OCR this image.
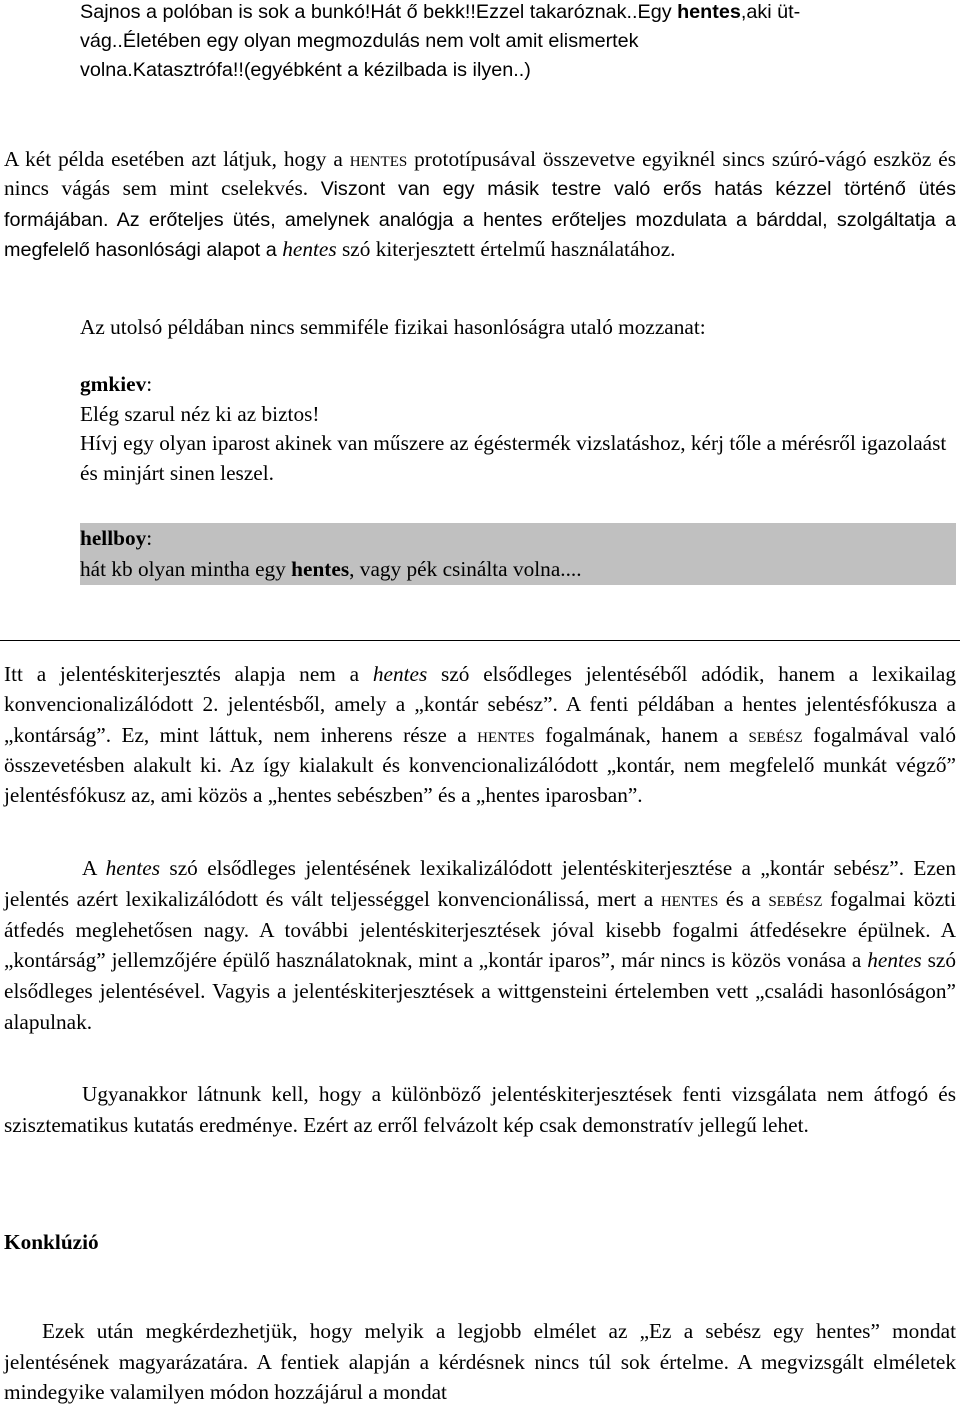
Sajnos a polóban is sok a bunkó!Hát ő bekk!!Ezzel takaróznak..Egy hentes,aki üt-
vág..Életében egy olyan megmozdulás nem volt amit elismertek
volna.Katasztrófa!!(egyébként a kézilbada is ilyen..)

A két példa esetében azt látjuk, hogy a hentes prototípusával összevetve egyiknél sincs szúró-vágó eszköz és nincs vágás sem mint cselekvés. Viszont van egy másik testre való erős hatás kézzel történő ütés formájában. Az erőteljes ütés, amelynek analógja a hentes erőteljes mozdulata a bárddal, szolgáltatja a megfelelő hasonlósági alapot a hentes szó kiterjesztett értelmű használatához.

Az utolsó példában nincs semmiféle fizikai hasonlóságra utaló mozzanat:

gmkiev:
Elég szarul néz ki az biztos!
Hívj egy olyan iparost akinek van műszere az égéstermék vizslatáshoz, kérj tőle a mérésről igazolaást és minjárt sinen leszel.
hellboy:
hát kb olyan mintha egy hentes, vagy pék csinálta volna....

Itt a jelentéskiterjesztés alapja nem a hentes szó elsődleges jelentéséből adódik, hanem a lexikailag konvencionalizálódott 2. jelentésből, amely a „kontár sebész”. A fenti példában a hentes jelentésfókusza a „kontárság”. Ez, mint láttuk, nem inherens része a hentes fogalmának, hanem a sebész fogalmával való összevetésben alakult ki. Az így kialakult és konvencionalizálódott „kontár, nem megfelelő munkát végző” jelentésfókusz az, ami közös a „hentes sebészben” és a „hentes iparosban”.

A hentes szó elsődleges jelentésének lexikalizálódott jelentéskiterjesztése a „kontár sebész”. Ezen jelentés azért lexikalizálódott és vált teljességgel konvencionálissá, mert a hentes és a sebész fogalmai közti átfedés meglehetősen nagy. A további jelentéskiterjesztések jóval kisebb fogalmi átfedésekre épülnek. A „kontárság” jellemzőjére épülő használatoknak, mint a „kontár iparos”, már nincs is közös vonása a hentes szó elsődleges jelentésével. Vagyis a jelentéskiterjesztések a wittgensteini értelemben vett „családi hasonlóságon” alapulnak.

Ugyanakkor látnunk kell, hogy a különböző jelentéskiterjesztések fenti vizsgálata nem átfogó és szisztematikus kutatás eredménye. Ezért az erről felvázolt kép csak demonstratív jellegű lehet.

Konklúzió

Ezek után megkérdezhetjük, hogy melyik a legjobb elmélet az „Ez a sebész egy hentes” mondat jelentésének magyarázatára. A fentiek alapján a kérdésnek nincs túl sok értelme. A megvizsgált elméletek mindegyike valamilyen módon hozzájárul a mondat
